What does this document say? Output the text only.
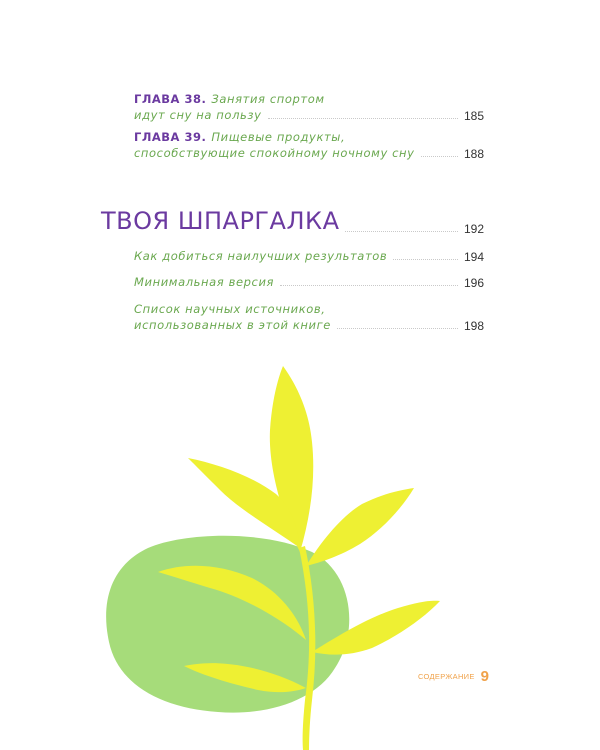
ГЛАВА 38. Занятия спортом
идут сну на пользу	185
ГЛАВА 39. Пищевые продукты,
способствующие спокойному ночному сну	188
ТВОЯ ШПАРГАЛКА	192
Как добиться наилучших результатов	194
Минимальная версия	196
Список научных источников,
использованных в этой книге	198
СОДЕРЖАНИЕ 9
